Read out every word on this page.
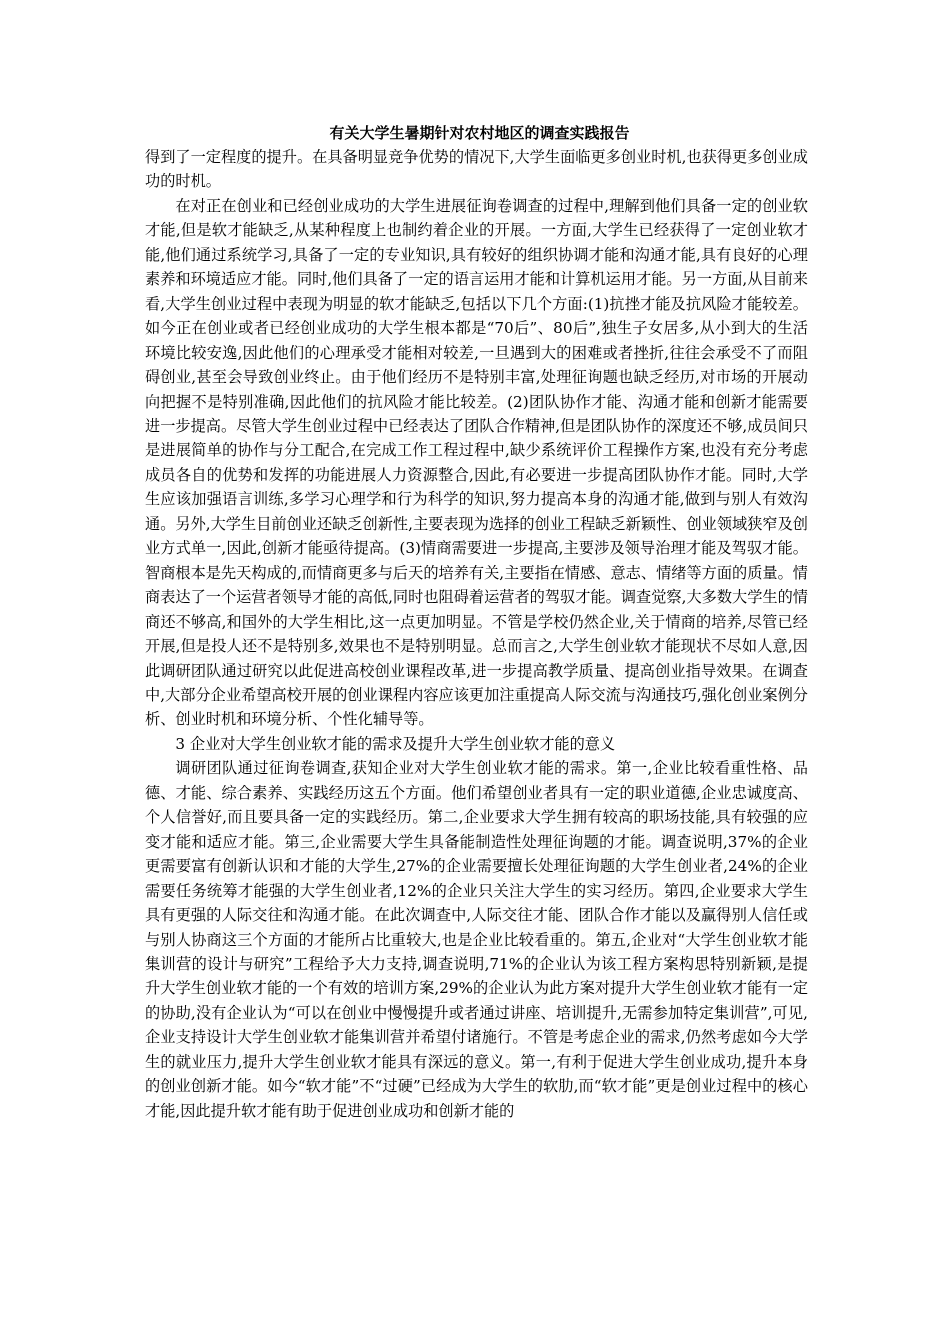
有关大学生暑期针对农村地区的调查实践报告

得到了一定程度的提升。在具备明显竞争优势的情况下,大学生面临更多创业时机,也获得更多创业成功的时机。

在对正在创业和已经创业成功的大学生进展征询卷调查的过程中,理解到他们具备一定的创业软才能,但是软才能缺乏,从某种程度上也制约着企业的开展。一方面,大学生已经获得了一定创业软才能,他们通过系统学习,具备了一定的专业知识,具有较好的组织协调才能和沟通才能,具有良好的心理素养和环境适应才能。同时,他们具备了一定的语言运用才能和计算机运用才能。另一方面,从目前来看,大学生创业过程中表现为明显的软才能缺乏,包括以下几个方面:(1)抗挫才能及抗风险才能较差。如今正在创业或者已经创业成功的大学生根本都是“70后”、80后”,独生子女居多,从小到大的生活环境比较安逸,因此他们的心理承受才能相对较差,一旦遇到大的困难或者挫折,往往会承受不了而阻碍创业,甚至会导致创业终止。由于他们经历不是特别丰富,处理征询题也缺乏经历,对市场的开展动向把握不是特别准确,因此他们的抗风险才能比较差。(2)团队协作才能、沟通才能和创新才能需要进一步提高。尽管大学生创业过程中已经表达了团队合作精神,但是团队协作的深度还不够,成员间只是进展简单的协作与分工配合,在完成工作工程过程中,缺少系统评价工程操作方案,也没有充分考虑成员各自的优势和发挥的功能进展人力资源整合,因此,有必要进一步提高团队协作才能。同时,大学生应该加强语言训练,多学习心理学和行为科学的知识,努力提高本身的沟通才能,做到与别人有效沟通。另外,大学生目前创业还缺乏创新性,主要表现为选择的创业工程缺乏新颖性、创业领域狭窄及创业方式单一,因此,创新才能亟待提高。(3)情商需要进一步提高,主要涉及领导治理才能及驾驭才能。智商根本是先天构成的,而情商更多与后天的培养有关,主要指在情感、意志、情绪等方面的质量。情商表达了一个运营者领导才能的高低,同时也阻碍着运营者的驾驭才能。调查觉察,大多数大学生的情商还不够高,和国外的大学生相比,这一点更加明显。不管是学校仍然企业,关于情商的培养,尽管已经开展,但是投人还不是特别多,效果也不是特别明显。总而言之,大学生创业软才能现状不尽如人意,因此调研团队通过研究以此促进高校创业课程改革,进一步提高教学质量、提高创业指导效果。在调查中,大部分企业希望高校开展的创业课程内容应该更加注重提高人际交流与沟通技巧,强化创业案例分析、创业时机和环境分析、个性化辅导等。

3 企业对大学生创业软才能的需求及提升大学生创业软才能的意义

调研团队通过征询卷调查,获知企业对大学生创业软才能的需求。第一,企业比较看重性格、品德、才能、综合素养、实践经历这五个方面。他们希望创业者具有一定的职业道德,企业忠诚度高、个人信誉好,而且要具备一定的实践经历。第二,企业要求大学生拥有较高的职场技能,具有较强的应变才能和适应才能。第三,企业需要大学生具备能制造性处理征询题的才能。调查说明,37%的企业更需要富有创新认识和才能的大学生,27%的企业需要擅长处理征询题的大学生创业者,24%的企业需要任务统筹才能强的大学生创业者,12%的企业只关注大学生的实习经历。第四,企业要求大学生具有更强的人际交往和沟通才能。在此次调查中,人际交往才能、团队合作才能以及赢得别人信任或与别人协商这三个方面的才能所占比重较大,也是企业比较看重的。第五,企业对“大学生创业软才能集训营的设计与研究”工程给予大力支持,调查说明,71%的企业认为该工程方案构思特别新颖,是提升大学生创业软才能的一个有效的培训方案,29%的企业认为此方案对提升大学生创业软才能有一定的协助,没有企业认为“可以在创业中慢慢提升或者通过讲座、培训提升,无需参加特定集训营”,可见,企业支持设计大学生创业软才能集训营并希望付诸施行。不管是考虑企业的需求,仍然考虑如今大学生的就业压力,提升大学生创业软才能具有深远的意义。第一,有利于促进大学生创业成功,提升本身的创业创新才能。如今“软才能”不“过硬”已经成为大学生的软肋,而“软才能”更是创业过程中的核心才能,因此提升软才能有助于促进创业成功和创新才能的
